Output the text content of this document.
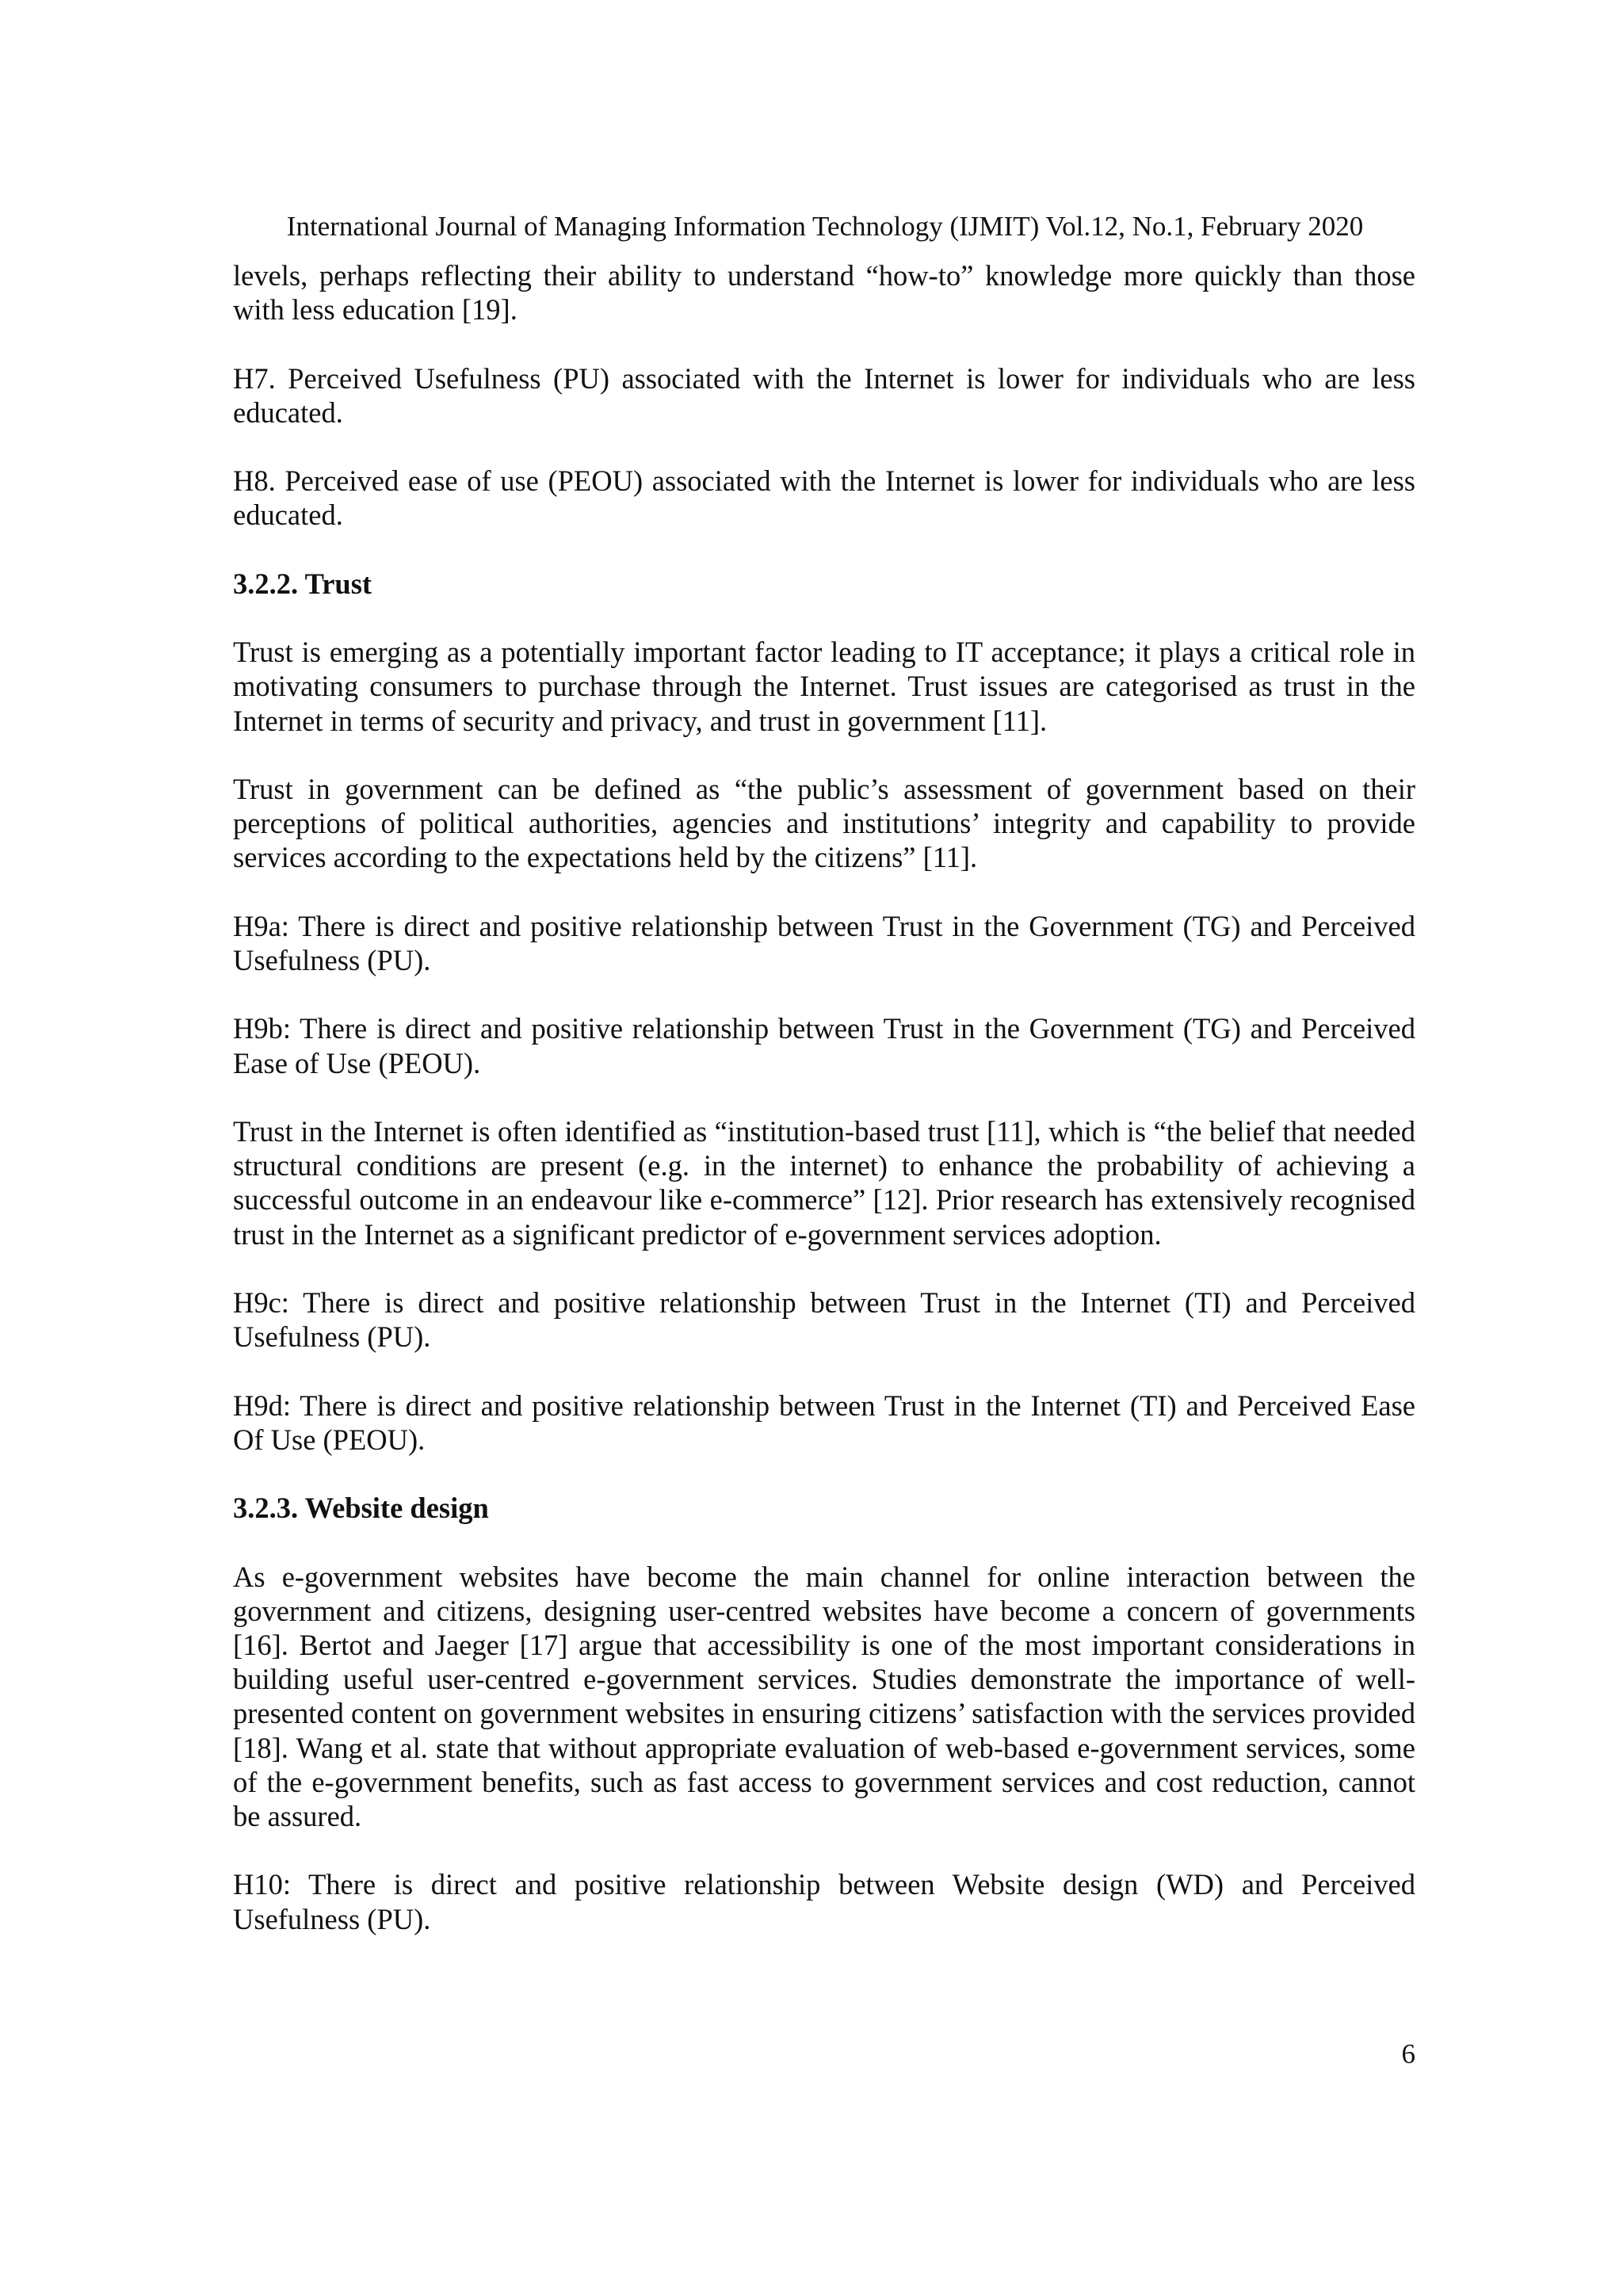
International Journal of Managing Information Technology (IJMIT) Vol.12, No.1, February 2020

levels, perhaps reflecting their ability to understand “how-to” knowledge more quickly than those with less education [19].

H7. Perceived Usefulness (PU) associated with the Internet is lower for individuals who are less educated.

H8. Perceived ease of use (PEOU) associated with the Internet is lower for individuals who are less educated.

3.2.2. Trust

Trust is emerging as a potentially important factor leading to IT acceptance; it plays a critical role in motivating consumers to purchase through the Internet. Trust issues are categorised as trust in the Internet in terms of security and privacy, and trust in government [11].

Trust in government can be defined as “the public’s assessment of government based on their perceptions of political authorities, agencies and institutions’ integrity and capability to provide services according to the expectations held by the citizens” [11].

H9a: There is direct and positive relationship between Trust in the Government (TG) and Perceived Usefulness (PU).

H9b: There is direct and positive relationship between Trust in the Government (TG) and Perceived Ease of Use (PEOU).

Trust in the Internet is often identified as “institution-based trust [11], which is “the belief that needed structural conditions are present (e.g. in the internet) to enhance the probability of achieving a successful outcome in an endeavour like e-commerce” [12]. Prior research has extensively recognised trust in the Internet as a significant predictor of e-government services adoption.

H9c: There is direct and positive relationship between Trust in the Internet (TI) and Perceived Usefulness (PU).

H9d: There is direct and positive relationship between Trust in the Internet (TI) and Perceived Ease Of Use (PEOU).

3.2.3. Website design

As e-government websites have become the main channel for online interaction between the government and citizens, designing user-centred websites have become a concern of governments [16]. Bertot and Jaeger [17] argue that accessibility is one of the most important considerations in building useful user-centred e-government services. Studies demonstrate the importance of well-presented content on government websites in ensuring citizens’ satisfaction with the services provided [18]. Wang et al. state that without appropriate evaluation of web-based e-government services, some of the e-government benefits, such as fast access to government services and cost reduction, cannot be assured.

H10: There is direct and positive relationship between Website design (WD) and Perceived Usefulness (PU).

6
